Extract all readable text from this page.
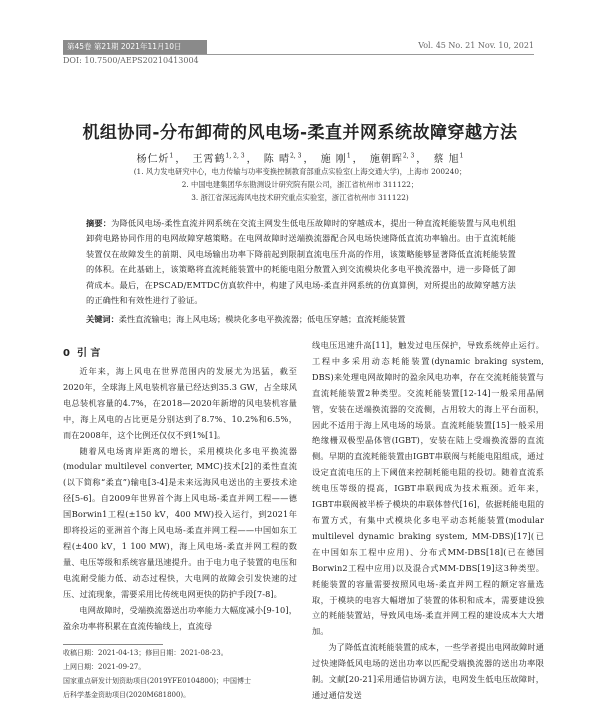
第45卷 第21期 2021年11月10日	Vol. 45 No. 21 Nov. 10, 2021
DOI: 10.7500/AEPS20210413004
机组协同-分布卸荷的风电场-柔直并网系统故障穿越方法
杨仁炘$^1$ ， 王霄鹤$^{1, 2, 3}$ ， 陈 晴$^{2, 3}$ ， 施 刚$^1$ ， 施朝晖$^{2, 3}$ ， 蔡 旭$^1$
(1. 风力发电研究中心，电力传输与功率变换控制教育部重点实验室(上海交通大学)，上海市 200240；
2. 中国电建集团华东勘测设计研究院有限公司，浙江省杭州市 311122；
3. 浙江省深远海风电技术研究重点实验室，浙江省杭州市 311122)
摘要：为降低风电场-柔性直流并网系统在交流主网发生低电压故障时的穿越成本，提出一种直流耗能装置与风电机组卸荷电路协同作用的电网故障穿越策略。在电网故障时送端换流器配合风电场快速降低直流功率输出。由于直流耗能装置仅在故障发生的前期、风电场输出功率下降前起到限制直流电压升高的作用，该策略能够显著降低直流耗能装置的体积。在此基础上，该策略将直流耗能装置中的耗能电阻分散置入到交流模块化多电平换流器中，进一步降低了卸荷成本。最后，在PSCAD/EMTDC仿真软件中，构建了风电场-柔直并网系统的仿真算例，对所提出的故障穿越方法的正确性和有效性进行了验证。
关键词：柔性直流输电；海上风电场；模块化多电平换流器；低电压穿越；直流耗能装置
0 引 言

近年来，海上风电在世界范围内的发展尤为迅猛，截至2020年，全球海上风电装机容量已经达到35.3 GW，占全球风电总装机容量的4.7%，在2018—2020年新增的风电装机容量中，海上风电的占比更是分别达到了8.7%、10.2%和6.5%，而在2008年，这个比例还仅仅不到1%[1]。

随着风电场离岸距离的增长，采用模块化多电平换流器(modular multilevel converter, MMC)技术[2]的柔性直流(以下简称“柔直”)输电[3-4]是未来远海风电送出的主要技术途径[5-6]。自2009年世界首个海上风电场-柔直并网工程——德国Borwin1工程(±150 kV，400 MW)投入运行，到2021年即将投运的亚洲首个海上风电场-柔直并网工程——中国如东工程(±400 kV，1 100 MW)，海上风电场-柔直并网工程的数量、电压等级和系统容量迅速提升。由于电力电子装置的电压和电流耐受能力低、动态过程快，大电网的故障会引发快速的过压、过流现象，需要采用比传统电网更快的防护手段[7-8]。

电网故障时，受端换流器送出功率能力大幅度减小[9-10]，盈余功率将积累在直流传输线上，直流母

收稿日期：2021-04-13；修回日期：2021-08-23。
上网日期：2021-09-27。
国家重点研发计划资助项目(2019YFE0104800)；中国博士
后科学基金资助项目(2020M681800)。

线电压迅速升高[11]，触发过电压保护，导致系统停止运行。工程中多采用动态耗能装置(dynamic braking system, DBS)来处理电网故障时的盈余风电功率，存在交流耗能装置与直流耗能装置2种类型。交流耗能装置[12-14]一般采用晶闸管，安装在送端换流器的交流侧，占用较大的海上平台面积，因此不适用于海上风电场的场景。直流耗能装置[15]一般采用绝缘栅双极型晶体管(IGBT)，安装在陆上受端换流器的直流侧。早期的直流耗能装置由IGBT串联阀与耗能电阻组成，通过设定直流电压的上下阈值来控制耗能电阻的投切。随着直流系统电压等级的提高，IGBT串联阀成为技术瓶颈。近年来，IGBT串联阀被半桥子模块的串联体替代[16]，依据耗能电阻的布置方式，有集中式模块化多电平动态耗能装置(modular multilevel dynamic braking system, MM-DBS)[17](已在中国如东工程中应用)、分布式MM-DBS[18](已在德国Borwin2工程中应用)以及混合式MM-DBS[19]这3种类型。耗能装置的容量需要按照风电场-柔直并网工程的额定容量选取，于模块的电容大幅增加了装置的体积和成本，需要建设独立的耗能装置站，导致风电场-柔直并网工程的建设成本大大增加。

为了降低直流耗能装置的成本，一些学者提出电网故障时通过快速降低风电场的送出功率以匹配受端换流器的送出功率限制。文献[20-21]采用通信协调方法，电网发生低电压故障时，通过通信发送
